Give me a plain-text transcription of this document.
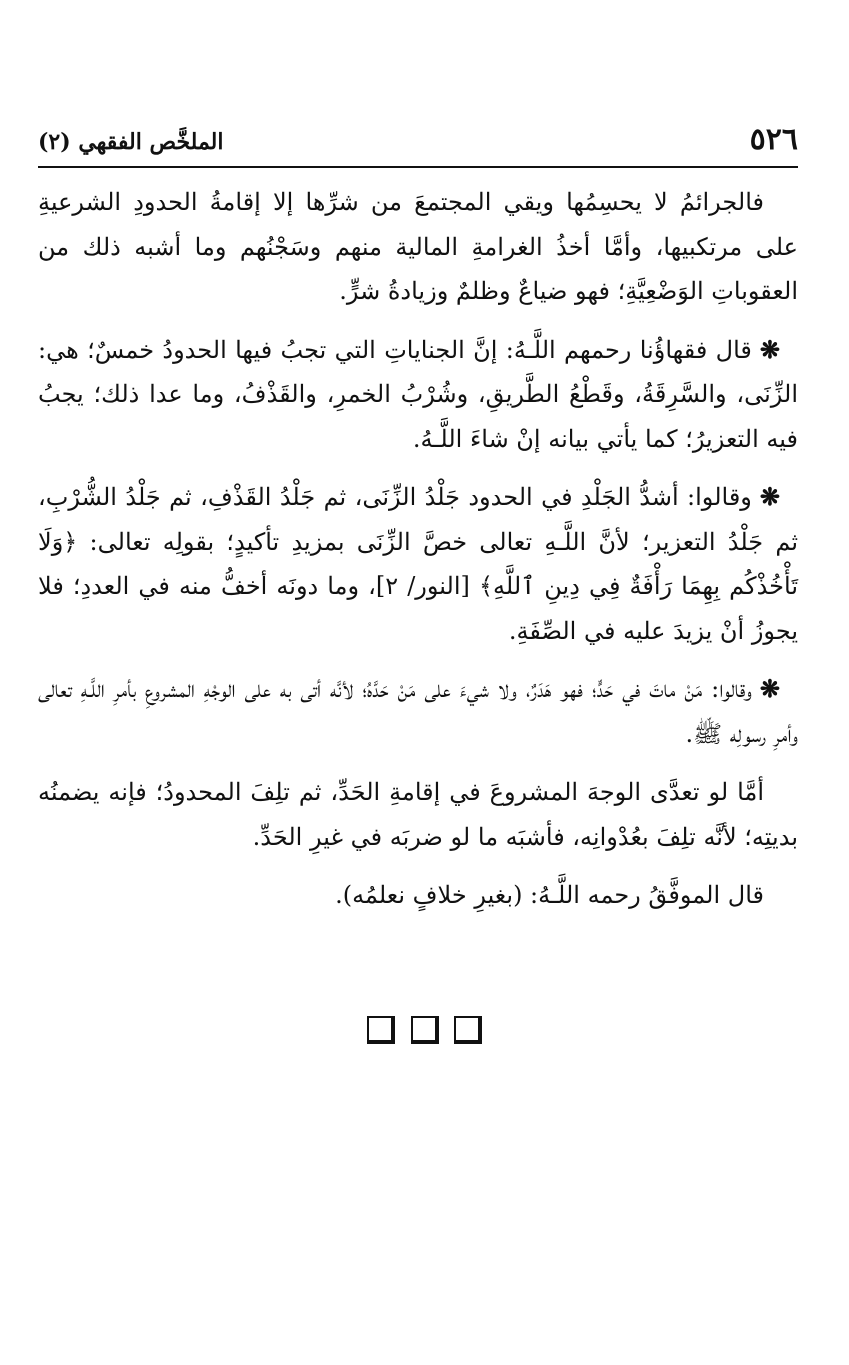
٥٢٦
الملخَّص الفقهي (٢)

فالجرائمُ لا يحسِمُها ويقي المجتمعَ من شرِّها إلا إقامةُ الحدودِ الشرعيةِ على مرتكبيها، وأمَّا أخذُ الغرامةِ المالية منهم وسَجْنُهم وما أشبه ذلك من العقوباتِ الوَضْعِيَّةِ؛ فهو ضياعٌ وظلمٌ وزيادةُ شرٍّ.

❋قال فقهاؤُنا رحمهم اللَّـهُ: إنَّ الجناياتِ التي تجبُ فيها الحدودُ خمسٌ؛ هي: الزِّنَى، والسَّرِقَةُ، وقَطْعُ الطَّريقِ، وشُرْبُ الخمرِ، والقَذْفُ، وما عدا ذلك؛ يجبُ فيه التعزيرُ؛ كما يأتي بيانه إنْ شاءَ اللَّـهُ.

❋وقالوا: أشدُّ الجَلْدِ في الحدود جَلْدُ الزِّنَى، ثم جَلْدُ القَذْفِ، ثم جَلْدُ الشُّرْبِ، ثم جَلْدُ التعزير؛ لأنَّ اللَّـهِ تعالى خصَّ الزِّنَى بمزيدِ تأكيدٍ؛ بقولِه تعالى: ﴿وَلَا تَأْخُذْكُم بِهِمَا رَأْفَةٌ فِي دِينِ ٱللَّهِ﴾ [النور/ ٢]، وما دونَه أخفُّ منه في العددِ؛ فلا يجوزُ أنْ يزيدَ عليه في الصِّفَةِ.

❋وقالوا: مَنْ ماتَ في حَدٍّ؛ فهو هَدَرٌ، ولا شيءَ على مَنْ حَدَّهُ؛ لأنَّه أتى به على الوجْهِ المشروعِ بأمرِ اللَّـهِ تعالى وأمرِ رسولِه ﷺ.

أمَّا لو تعدَّى الوجهَ المشروعَ في إقامةِ الحَدِّ، ثم تلِفَ المحدودُ؛ فإنه يضمنُه بديتِه؛ لأنَّه تلِفَ بعُدْوانِه، فأشبَه ما لو ضربَه في غيرِ الحَدِّ.

قال الموفَّقُ رحمه اللَّـهُ: (بغيرِ خلافٍ نعلمُه).
